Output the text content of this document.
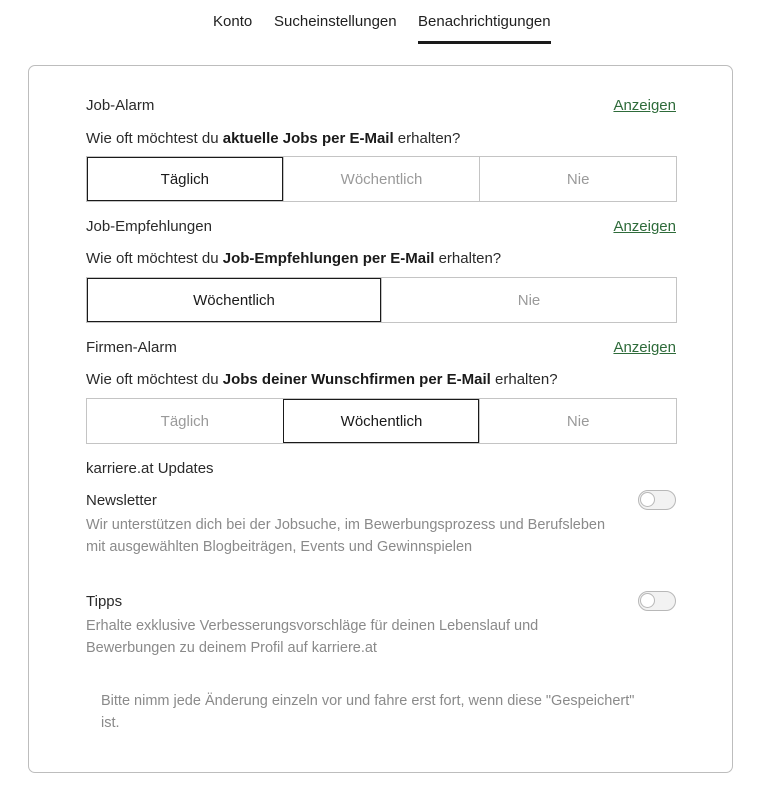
Konto Sucheinstellungen Benachrichtigungen
Job-Alarm	Anzeigen
Wie oft möchtest du aktuelle Jobs per E-Mail erhalten?
Täglich	Wöchentlich	Nie
Job-Empfehlungen	Anzeigen
Wie oft möchtest du Job-Empfehlungen per E-Mail erhalten?
Wöchentlich	Nie
Firmen-Alarm	Anzeigen
Wie oft möchtest du Jobs deiner Wunschfirmen per E-Mail erhalten?
Täglich	Wöchentlich	Nie
karriere.at Updates
Newsletter
Wir unterstützen dich bei der Jobsuche, im Bewerbungsprozess und Berufsleben mit ausgewählten Blogbeiträgen, Events und Gewinnspielen
Tipps
Erhalte exklusive Verbesserungsvorschläge für deinen Lebenslauf und Bewerbungen zu deinem Profil auf karriere.at
Bitte nimm jede Änderung einzeln vor und fahre erst fort, wenn diese "Gespeichert" ist.
